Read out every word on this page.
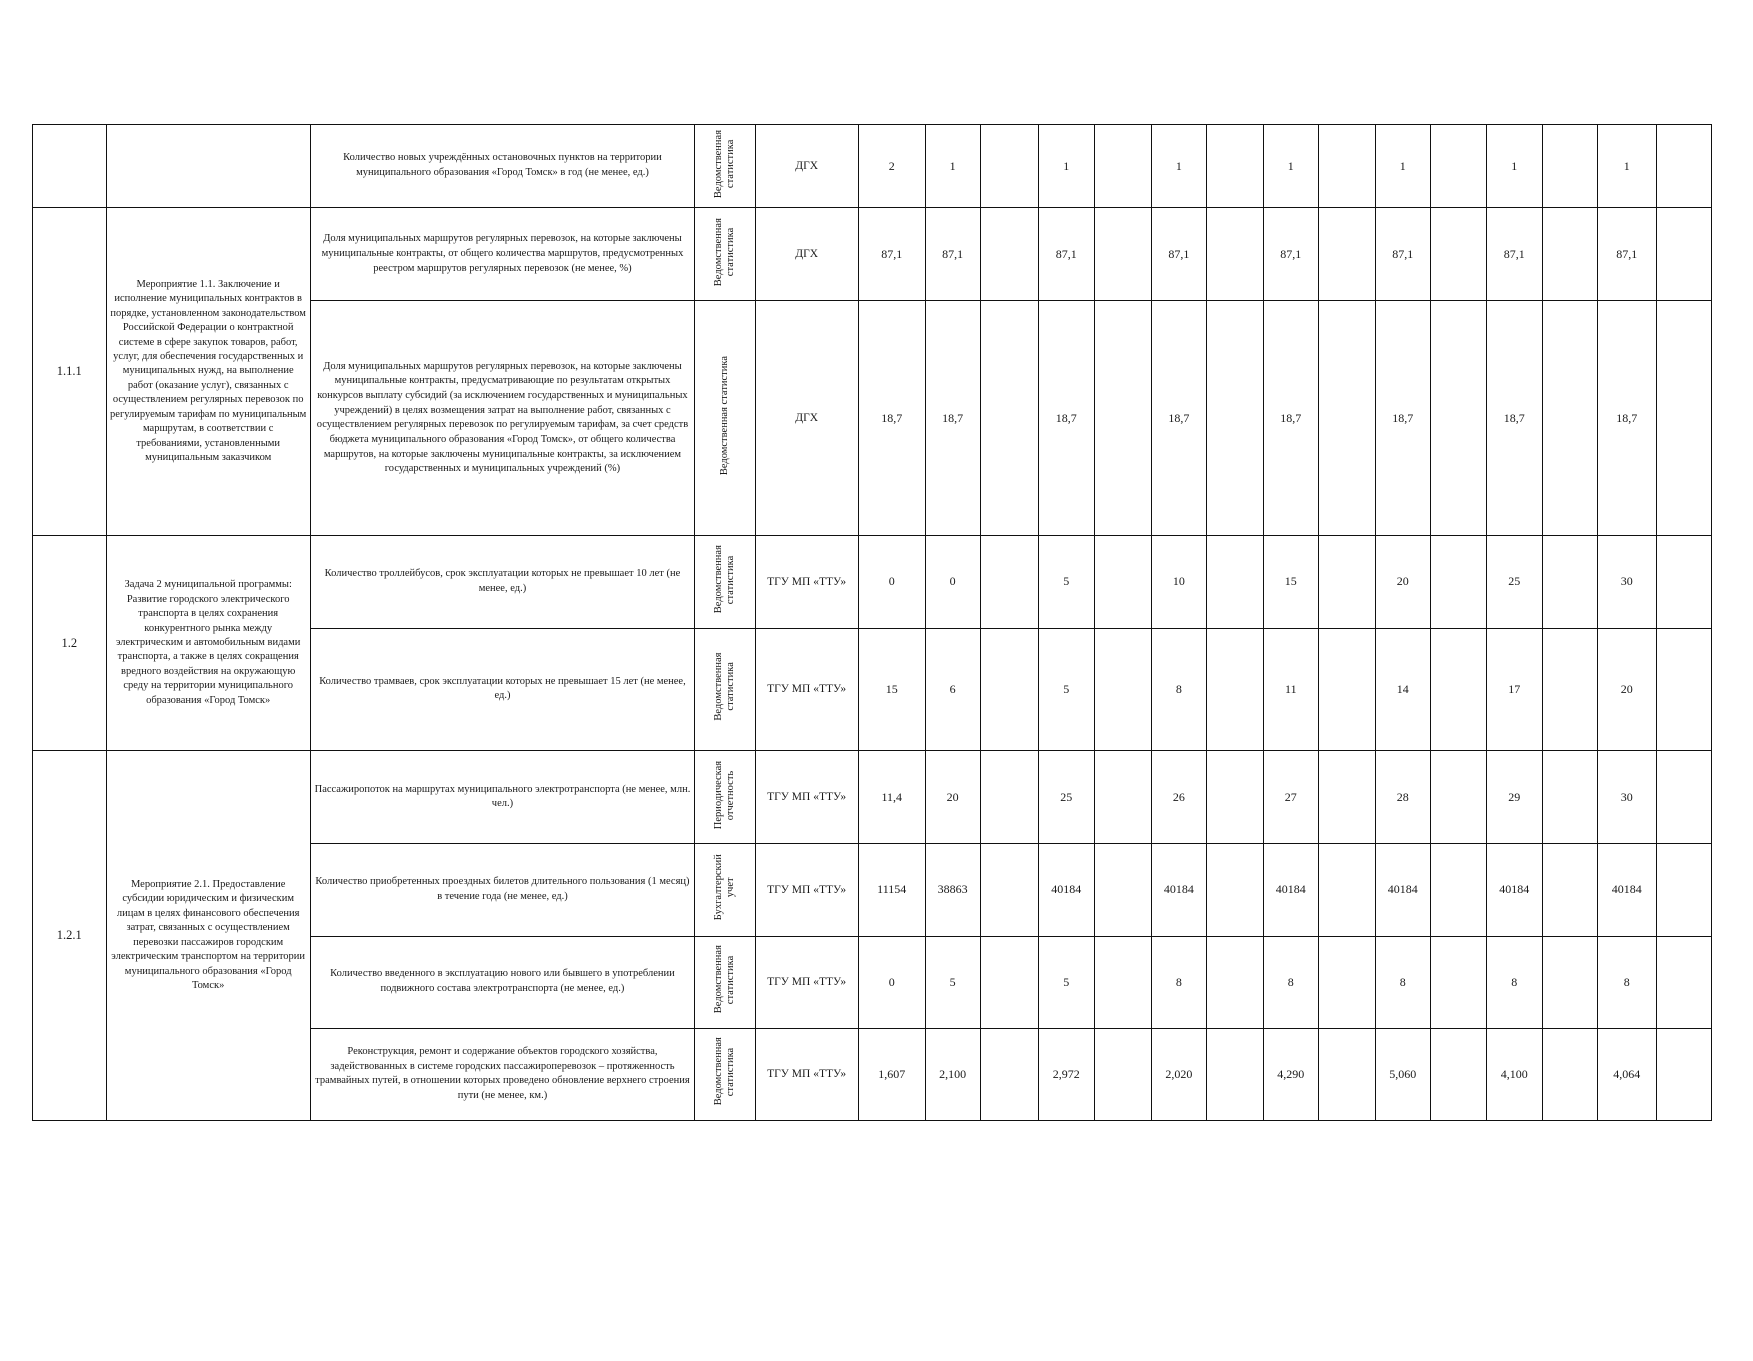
		Количество новых учреждённых остановочных пунктов на территории муниципального образования «Город Томск» в год (не менее, ед.)	Ведомственная статистика	ДГХ	2	1		1		1		1		1		1		1	
1.1.1	Мероприятие 1.1. Заключение и исполнение муниципальных контрактов в порядке, установленном законодательством Российской Федерации о контрактной системе в сфере закупок товаров, работ, услуг, для обеспечения государственных и муниципальных нужд, на выполнение работ (оказание услуг), связанных с осуществлением регулярных перевозок по регулируемым тарифам по муниципальным маршрутам, в соответствии с требованиями, установленными муниципальным заказчиком	Доля муниципальных маршрутов регулярных перевозок, на которые заключены муниципальные контракты, от общего количества маршрутов, предусмотренных реестром маршрутов регулярных перевозок (не менее, %)	Ведомственная статистика	ДГХ	87,1	87,1		87,1		87,1		87,1		87,1		87,1		87,1	
		Доля муниципальных маршрутов регулярных перевозок, на которые заключены муниципальные контракты, предусматривающие по результатам открытых конкурсов выплату субсидий (за исключением государственных и муниципальных учреждений) в целях возмещения затрат на выполнение работ, связанных с осуществлением регулярных перевозок по регулируемым тарифам, за счет средств бюджета муниципального образования «Город Томск», от общего количества маршрутов, на которые заключены муниципальные контракты, за исключением государственных и муниципальных учреждений (%)	Ведомственная статистика	ДГХ	18,7	18,7		18,7		18,7		18,7		18,7		18,7		18,7	
1.2	Задача 2 муниципальной программы: Развитие городского электрического транспорта в целях сохранения конкурентного рынка между электрическим и автомобильным видами транспорта, а также в целях сокращения вредного воздействия на окружающую среду на территории муниципального образования «Город Томск»	Количество троллейбусов, срок эксплуатации которых не превышает 10 лет (не менее, ед.)	Ведомственная статистика	ТГУ МП «ТТУ»	0	0		5		10		15		20		25		30	
		Количество трамваев, срок эксплуатации которых не превышает 15 лет (не менее, ед.)	Ведомственная статистика	ТГУ МП «ТТУ»	15	6		5		8		11		14		17		20	
1.2.1	Мероприятие 2.1. Предоставление субсидии юридическим и физическим лицам в целях финансового обеспечения затрат, связанных с осуществлением перевозки пассажиров городским электрическим транспортом на территории муниципального образования «Город Томск»	Пассажиропоток на маршрутах муниципального электротранспорта (не менее, млн. чел.)	Периодическая отчетность	ТГУ МП «ТТУ»	11,4	20		25		26		27		28		29		30	
		Количество приобретенных проездных билетов длительного пользования (1 месяц) в течение года (не менее, ед.)	Бухгалтерский учет	ТГУ МП «ТТУ»	11154	38863		40184		40184		40184		40184		40184		40184	
		Количество введенного в эксплуатацию нового или бывшего в употреблении подвижного состава электротранспорта (не менее, ед.)	Ведомственная статистика	ТГУ МП «ТТУ»	0	5		5		8		8		8		8		8	
		Реконструкция, ремонт и содержание объектов городского хозяйства, задействованных в системе городских пассажироперевозок – протяженность трамвайных путей, в отношении которых проведено обновление верхнего строения пути (не менее, км.)	Ведомственная статистика	ТГУ МП «ТТУ»	1,607	2,100		2,972		2,020		4,290		5,060		4,100		4,064	
